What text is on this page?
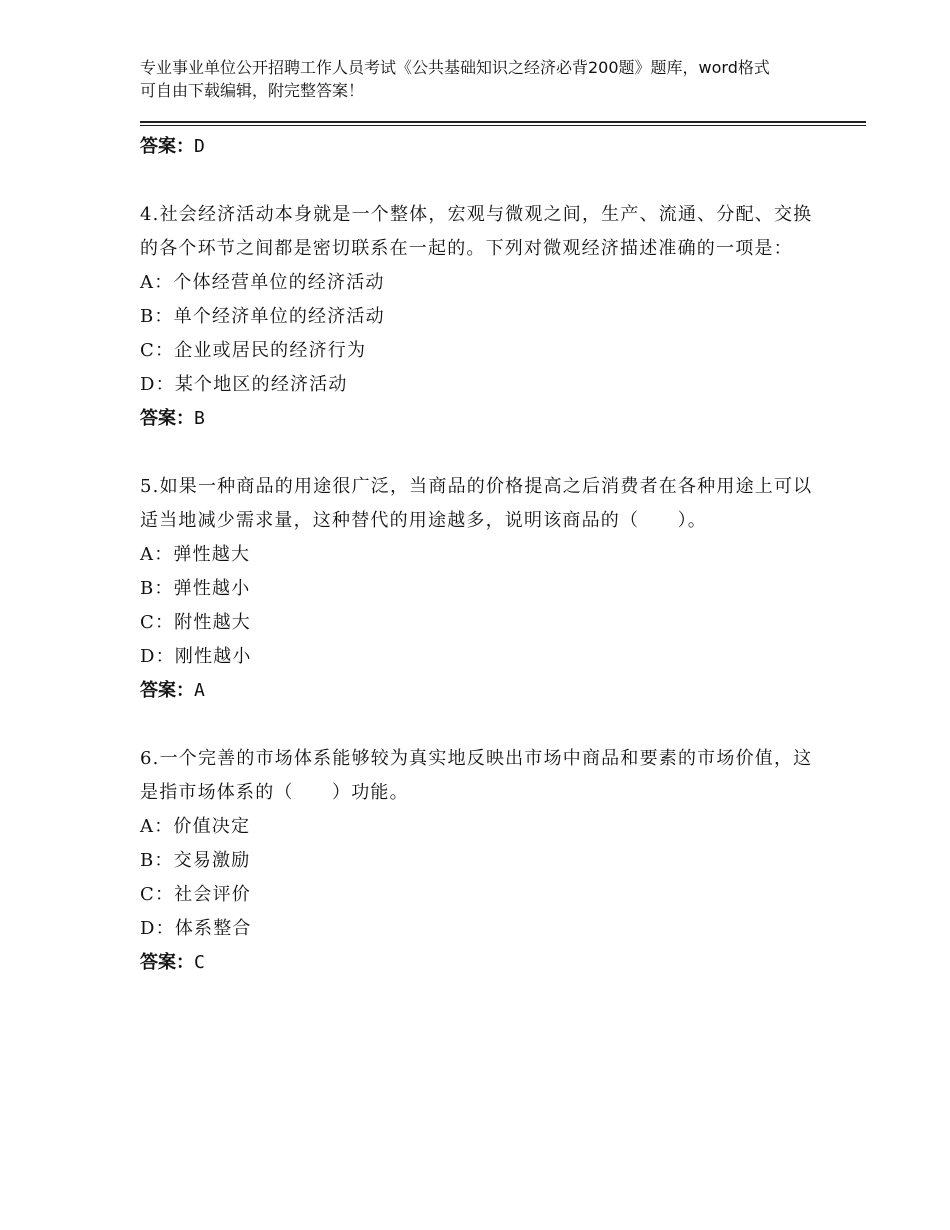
专业事业单位公开招聘工作人员考试《公共基础知识之经济必背200题》题库，word格式可自由下载编辑，附完整答案！
答案：D
4.社会经济活动本身就是一个整体，宏观与微观之间，生产、流通、分配、交换的各个环节之间都是密切联系在一起的。下列对微观经济描述准确的一项是：
A：个体经营单位的经济活动
B：单个经济单位的经济活动
C：企业或居民的经济行为
D：某个地区的经济活动
答案：B
5.如果一种商品的用途很广泛，当商品的价格提高之后消费者在各种用途上可以适当地减少需求量，这种替代的用途越多，说明该商品的（　　）。
A：弹性越大
B：弹性越小
C：附性越大
D：刚性越小
答案：A
6.一个完善的市场体系能够较为真实地反映出市场中商品和要素的市场价值，这是指市场体系的（　　）功能。
A：价值决定
B：交易激励
C：社会评价
D：体系整合
答案：C
